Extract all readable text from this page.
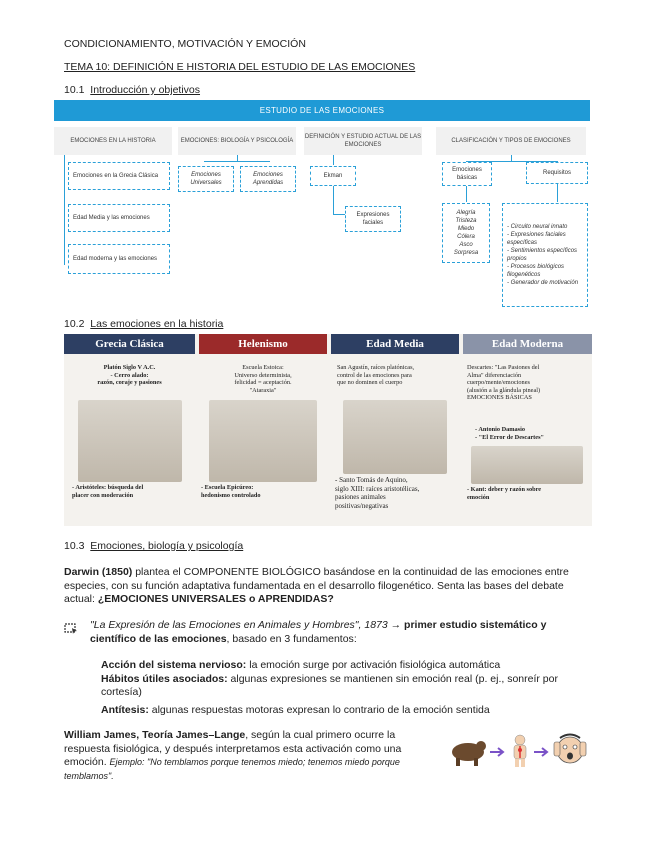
CONDICIONAMIENTO, MOTIVACIÓN Y EMOCIÓN
TEMA 10: DEFINICIÓN E HISTORIA DEL ESTUDIO DE LAS EMOCIONES
10.1 Introducción y objetivos
ESTUDIO DE LAS EMOCIONES
EMOCIONES EN LA HISTORIA	EMOCIONES: BIOLOGÍA Y PSICOLOGÍA
DEFINICIÓN Y ESTUDIO ACTUAL DE LAS EMOCIONES
CLASIFICACIÓN Y TIPOS DE EMOCIONES
Emociones en la Grecia Clásica
Edad Media y las emociones
Edad moderna y las emociones
Emociones Universales
Emociones Aprendidas
Ekman
Expresiones faciales
Emociones básicas
Requisitos
Alegría
Tristeza
Miedo
Cólera
Asco
Sorpresa
- Circuito neural innato
- Expresiones faciales específicas
- Sentimientos específicos propios
- Procesos biológicos filogenéticos
- Generador de motivación
10.2 Las emociones en la historia
Grecia Clásica
Platón Siglo V A.C.
- Cerro alado:
razón, coraje y pasiones
- Aristóteles: búsqueda del
placer con moderación
Helenismo
Escuela Estoica:
Universo determinista,
felicidad = aceptación.
"Ataraxia"
- Escuela Epicúreo:
hedonismo controlado
Edad Media
San Agustín, raíces platónicas,
control de las emociones para
que no dominen el cuerpo
- Santo Tomás de Aquino,
siglo XIII: raíces aristotélicas,
pasiones animales
positivas/negativas
Edad Moderna
Descartes: "Las Pasiones del
Alma" diferenciación
cuerpo/mente/emociones
(alusión a la glándula pineal)
EMOCIONES BÁSICAS
- Antonio Damasio
- "El Error de Descartes"
- Kant: deber y razón sobre
emoción
10.3 Emociones, biología y psicología
Darwin (1850) plantea el COMPONENTE BIOLÓGICO basándose en la continuidad de las emociones entre
especies, con su función adaptativa fundamentada en el desarrollo filogenético. Senta las bases del debate
actual: ¿EMOCIONES UNIVERSALES o APRENDIDAS?
"La Expresión de las Emociones en Animales y Hombres", 1873 → primer estudio sistemático y
científico de las emociones, basado en 3 fundamentos:
Acción del sistema nervioso: la emoción surge por activación fisiológica automática
Hábitos útiles asociados: algunas expresiones se mantienen sin emoción real (p. ej., sonreír por
cortesía)
Antítesis: algunas respuestas motoras expresan lo contrario de la emoción sentida
William James, Teoría James–Lange, según la cual primero ocurre la
respuesta fisiológica, y después interpretamos esta activación como una
emoción. Ejemplo: "No temblamos porque tenemos miedo; tenemos miedo porque
temblamos".
